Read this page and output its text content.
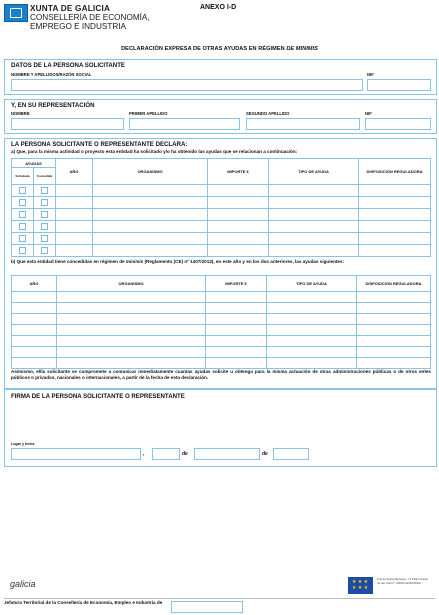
XUNTA DE GALICIA
CONSELLERÍA DE ECONOMÍA,
EMPREGO E INDUSTRIA
ANEXO I-D
DECLARACIÓN EXPRESA DE OTRAS AYUDAS EN RÉGIMEN DE MINIMIS
DATOS DE LA PERSONA SOLICITANTE
NOMBRE Y APELLIDOS/RAZÓN SOCIAL	NIF
Y, EN SU REPRESENTACIÓN
NOMBRE	PRIMER APELLIDO	SEGUNDO APELLIDO	NIF
LA PERSONA SOLICITANTE O REPRESENTANTE DECLARA:
a) Que, para la misma actividad o proyecto esta entidad ha solicitado y/o ha obtenido las ayudas que se relacionan a continuación:
AYUDAS		AÑO	ORGANISMO	IMPORTE €	TIPO DE AYUDA	DISPOSICIÓN REGULADORA
Solicitada	Concedida					

b) Que esta entidad tiene concedidas en régimen de minimis (Reglamento (CE) nº 1407/2013), en este año y en los dos anteriores, las ayudas siguientes:
AÑO	ORGANISMO	IMPORTE €	TIPO DE AYUDA	DISPOSICIÓN REGULADORA

Asimismo, el/la solicitante se compromete a comunicar inmediatamente cuantas ayudas solicite u obtenga para la misma actuación de otras administraciones públicas o de otros entes públicos o privados, nacionales o internacionales, a partir de la fecha de esta declaración.
FIRMA DE LA PERSONA SOLICITANTE O REPRESENTANTE
Lugar y fecha
,	de	de
galicia	★ ★ ★
★ ★ ★
Fondo Social Europeo "O FSE invierte no teu futuro" UNIÓN EUROPEA
Jefatura Territorial de la Consellería de Economía, Empleo e Industria de
